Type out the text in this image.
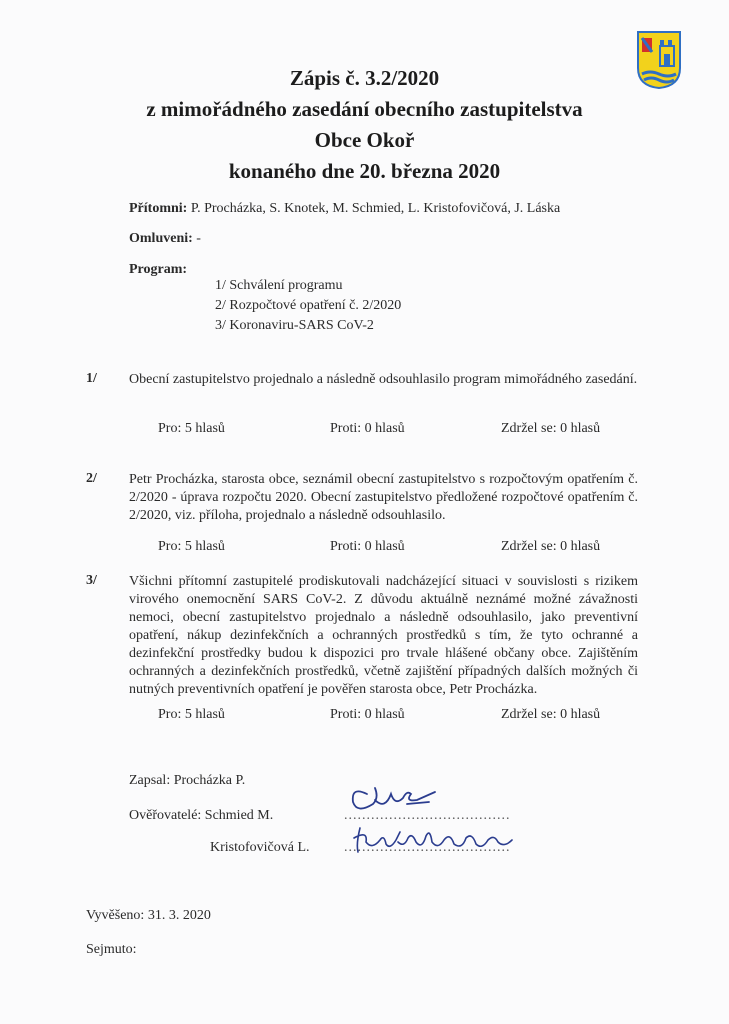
Zápis č. 3.2/2020
z mimořádného zasedání obecního zastupitelstva
Obce Okoř
konaného dne 20. března 2020
Přítomni: P. Procházka, S. Knotek, M. Schmied, L. Kristofovičová, J. Láska
Omluveni: -
Program:
1/ Schválení programu
2/ Rozpočtové opatření č. 2/2020
3/ Koronaviru-SARS CoV-2
1/ Obecní zastupitelstvo projednalo a následně odsouhlasilo program mimořádného zasedání.
Pro: 5 hlasů	Proti: 0 hlasů	Zdržel se: 0 hlasů
2/ Petr Procházka, starosta obce, seznámil obecní zastupitelstvo s rozpočtovým opatřením č. 2/2020 - úprava rozpočtu 2020. Obecní zastupitelstvo předložené rozpočtové opatřením č. 2/2020, viz. příloha, projednalo a následně odsouhlasilo.
Pro: 5 hlasů	Proti: 0 hlasů	Zdržel se: 0 hlasů
3/ Všichni přítomní zastupitelé prodiskutovali nadcházející situaci v souvislosti s rizikem virového onemocnění SARS CoV-2. Z důvodu aktuálně neznámé možné závažnosti nemoci, obecní zastupitelstvo projednalo a následně odsouhlasilo, jako preventivní opatření, nákup dezinfekčních a ochranných prostředků s tím, že tyto ochranné a dezinfekční prostředky budou k dispozici pro trvale hlášené občany obce. Zajištěním ochranných a dezinfekčních prostředků, včetně zajištění případných dalších možných či nutných preventivních opatření je pověřen starosta obce, Petr Procházka.
Pro: 5 hlasů	Proti: 0 hlasů	Zdržel se: 0 hlasů
Zapsal: Procházka P.
Ověřovatelé: Schmied M.	.....................................
Kristofovičová L. .....................................
Vyvěšeno: 31. 3. 2020
Sejmuto:
